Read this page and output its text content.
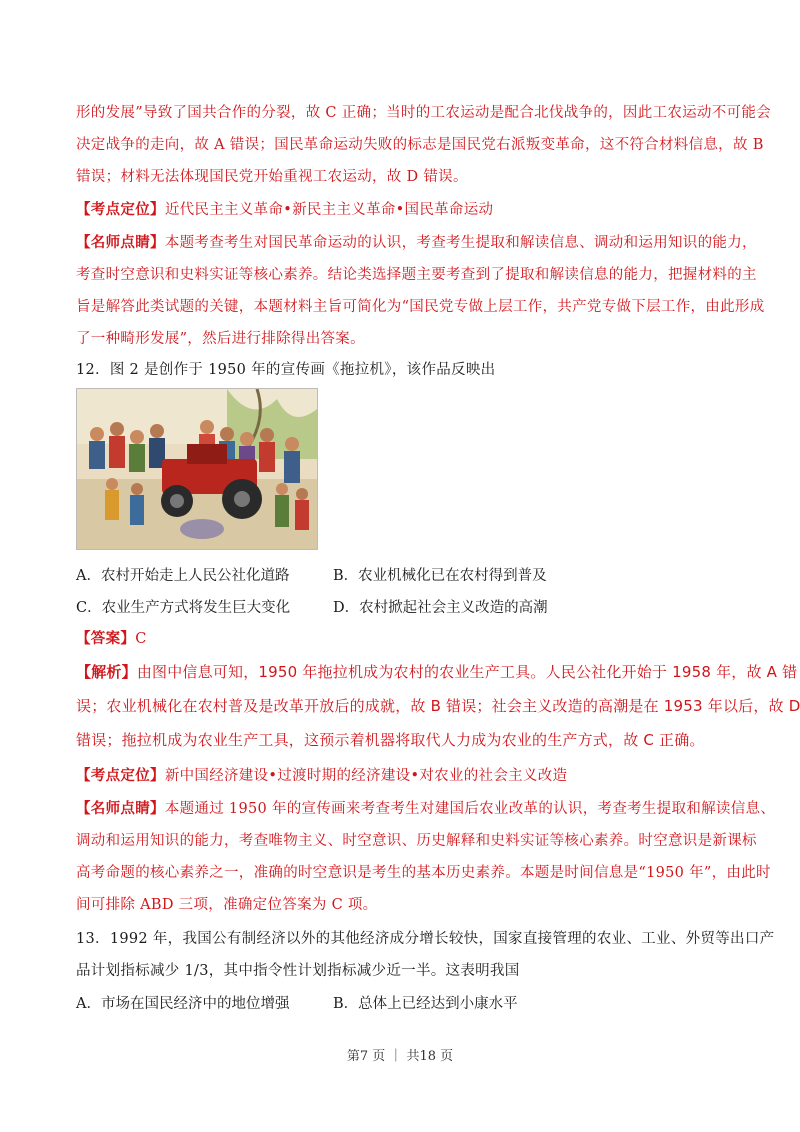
形的发展”导致了国共合作的分裂，故 C 正确；当时的工农运动是配合北伐战争的，因此工农运动不可能会
决定战争的走向，故 A 错误；国民革命运动失败的标志是国民党右派叛变革命，这不符合材料信息，故 B
错误；材料无法体现国民党开始重视工农运动，故 D 错误。
【考点定位】近代民主主义革命•新民主主义革命•国民革命运动
【名师点睛】本题考查考生对国民革命运动的认识，考查考生提取和解读信息、调动和运用知识的能力，
考查时空意识和史料实证等核心素养。结论类选择题主要考查到了提取和解读信息的能力，把握材料的主
旨是解答此类试题的关键，本题材料主旨可简化为“国民党专做上层工作，共产党专做下层工作，由此形成
了一种畸形发展”，然后进行排除得出答案。
12．图 2 是创作于 1950 年的宣传画《拖拉机》，该作品反映出
A．农村开始走上人民公社化道路	B．农业机械化已在农村得到普及
C．农业生产方式将发生巨大变化	D．农村掀起社会主义改造的高潮
【答案】C
【解析】由图中信息可知，1950 年拖拉机成为农村的农业生产工具。人民公社化开始于 1958 年，故 A 错
误；农业机械化在农村普及是改革开放后的成就，故 B 错误；社会主义改造的高潮是在 1953 年以后，故 D
错误；拖拉机成为农业生产工具，这预示着机器将取代人力成为农业的生产方式，故 C 正确。
【考点定位】新中国经济建设•过渡时期的经济建设•对农业的社会主义改造
【名师点睛】本题通过 1950 年的宣传画来考查考生对建国后农业改革的认识，考查考生提取和解读信息、
调动和运用知识的能力，考查唯物主义、时空意识、历史解释和史料实证等核心素养。时空意识是新课标
高考命题的核心素养之一，准确的时空意识是考生的基本历史素养。本题是时间信息是“1950 年”，由此时
间可排除 ABD 三项，准确定位答案为 C 项。
13．1992 年，我国公有制经济以外的其他经济成分增长较快，国家直接管理的农业、工业、外贸等出口产
品计划指标减少 1/3，其中指令性计划指标减少近一半。这表明我国
A．市场在国民经济中的地位增强	B．总体上已经达到小康水平
第7 页 ｜ 共18 页
